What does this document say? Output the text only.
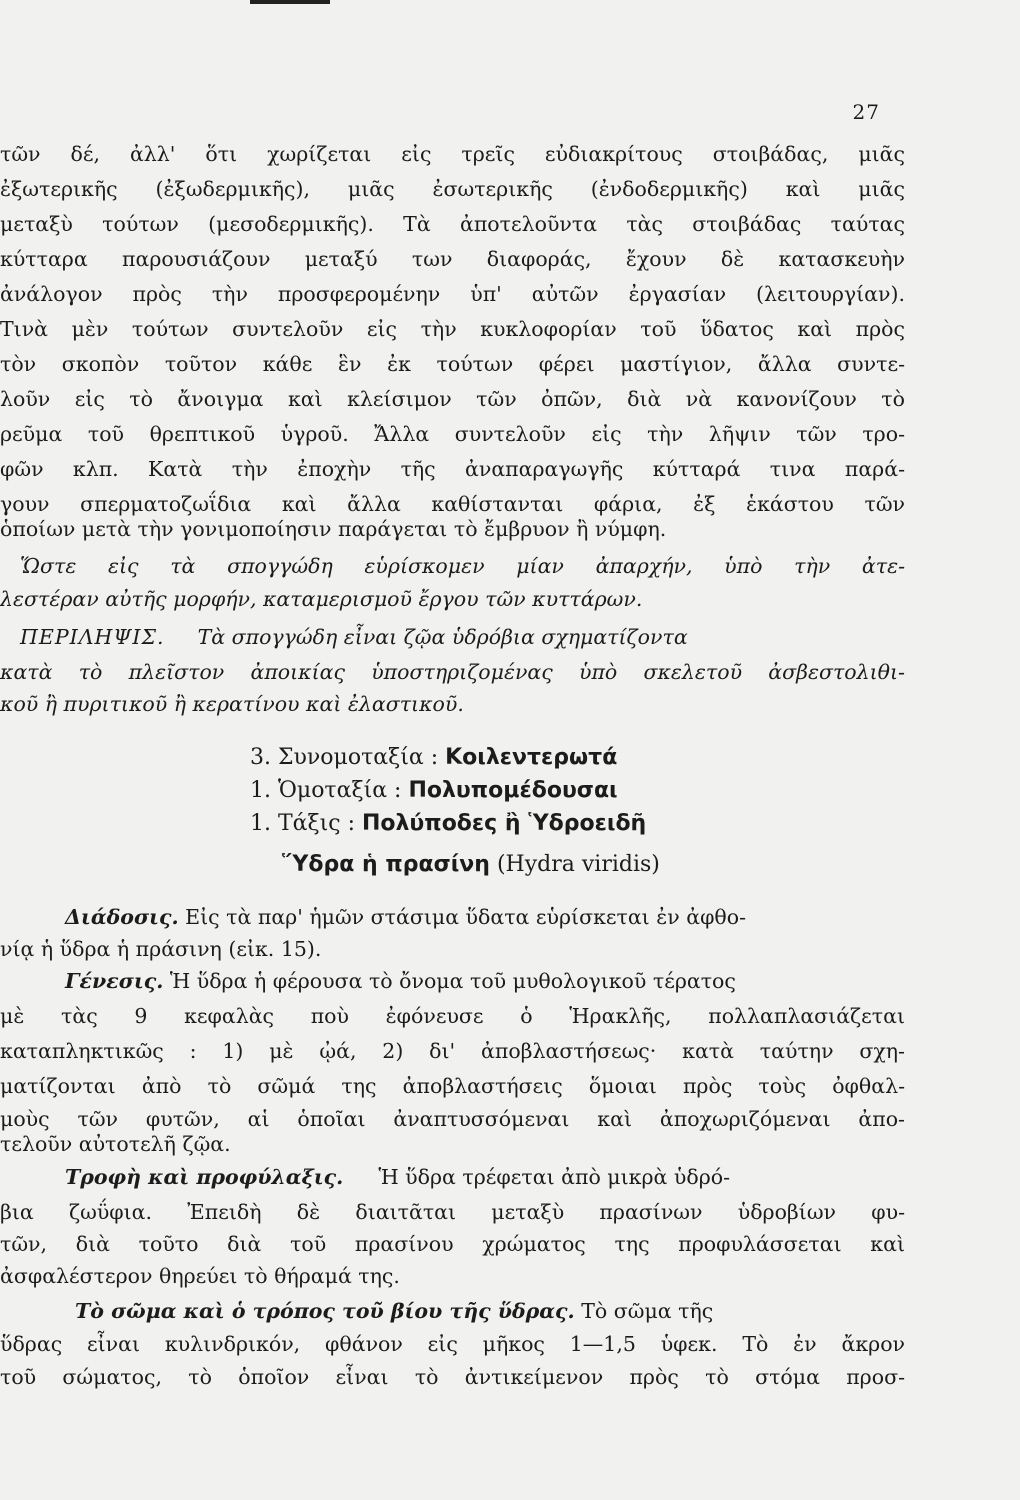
27
τῶν δέ, ἀλλ' ὅτι χωρίζεται εἰς τρεῖς εὐδιακρίτους στοιβάδας, μιᾶς
ἐξωτερικῆς (ἐξωδερμικῆς), μιᾶς ἐσωτερικῆς (ἐνδοδερμικῆς) καὶ μιᾶς
μεταξὺ τούτων (μεσοδερμικῆς). Τὰ ἀποτελοῦντα τὰς στοιβάδας ταύτας
κύτταρα παρουσιάζουν μεταξύ των διαφοράς, ἔχουν δὲ κατασκευὴν
ἀνάλογον πρὸς τὴν προσφερομένην ὑπ' αὐτῶν ἐργασίαν (λειτουργίαν).
Τινὰ μὲν τούτων συντελοῦν εἰς τὴν κυκλοφορίαν τοῦ ὕδατος καὶ πρὸς
τὸν σκοπὸν τοῦτον κάθε ἓν ἐκ τούτων φέρει μαστίγιον, ἄλλα συντε-
λοῦν εἰς τὸ ἄνοιγμα καὶ κλείσιμον τῶν ὀπῶν, διὰ νὰ κανονίζουν τὸ
ρεῦμα τοῦ θρεπτικοῦ ὑγροῦ. Ἄλλα συντελοῦν εἰς τὴν λῆψιν τῶν τρο-
φῶν κλπ. Κατὰ τὴν ἐποχὴν τῆς ἀναπαραγωγῆς κύτταρά τινα παρά-
γουν σπερματοζωΐδια καὶ ἄλλα καθίστανται φάρια, ἐξ ἑκάστου τῶν
ὁποίων μετὰ τὴν γονιμοποίησιν παράγεται τὸ ἔμβρυον ἢ νύμφη.
Ὥστε εἰς τὰ σπογγώδη εὑρίσκομεν μίαν ἀπαρχήν, ὑπὸ τὴν ἀτε-
λεστέραν αὐτῆς μορφήν, καταμερισμοῦ ἔργου τῶν κυττάρων.
ΠΕΡΙΛΗΨΙΣ. Τὰ σπογγώδη εἶναι ζῷα ὑδρόβια σχηματίζοντα
κατὰ τὸ πλεῖστον ἀποικίας ὑποστηριζομένας ὑπὸ σκελετοῦ ἀσβεστολιθι-
κοῦ ἢ πυριτικοῦ ἢ κερατίνου καὶ ἐλαστικοῦ.
3. Συνομοταξία : Κοιλεντερωτά
1. Ὁμοταξία : Πολυπομέδουσαι
1. Τάξις : Πολύποδες ἢ Ὑδροειδῆ
Ὕδρα ἡ πρασίνη (Hydra viridis)
Διάδοσις. Εἰς τὰ παρ' ἡμῶν στάσιμα ὕδατα εὑρίσκεται ἐν ἀφθο-
νίᾳ ἡ ὕδρα ἡ πράσινη (εἰκ. 15).
Γένεσις. Ἡ ὕδρα ἡ φέρουσα τὸ ὄνομα τοῦ μυθολογικοῦ τέρατος
μὲ τὰς 9 κεφαλὰς ποὺ ἐφόνευσε ὁ Ἡρακλῆς, πολλαπλασιάζεται
καταπληκτικῶς : 1) μὲ ᾠά, 2) δι' ἀποβλαστήσεως· κατὰ ταύτην σχη-
ματίζονται ἀπὸ τὸ σῶμά της ἀποβλαστήσεις ὅμοιαι πρὸς τοὺς ὀφθαλ-
μοὺς τῶν φυτῶν, αἱ ὁποῖαι ἀναπτυσσόμεναι καὶ ἀποχωριζόμεναι ἀπο-
τελοῦν αὐτοτελῆ ζῷα.
Τροφὴ καὶ προφύλαξις. Ἡ ὕδρα τρέφεται ἀπὸ μικρὰ ὑδρό-
βια ζωΰφια. Ἐπειδὴ δὲ διαιτᾶται μεταξὺ πρασίνων ὑδροβίων φυ-
τῶν, διὰ τοῦτο διὰ τοῦ πρασίνου χρώματος της προφυλάσσεται καὶ
ἀσφαλέστερον θηρεύει τὸ θήραμά της.
Τὸ σῶμα καὶ ὁ τρόπος τοῦ βίου τῆς ὕδρας. Τὸ σῶμα τῆς
ὕδρας εἶναι κυλινδρικόν, φθάνον εἰς μῆκος 1—1,5 ὑφεκ. Τὸ ἐν ἄκρον
τοῦ σώματος, τὸ ὁποῖον εἶναι τὸ ἀντικείμενον πρὸς τὸ στόμα προσ-
